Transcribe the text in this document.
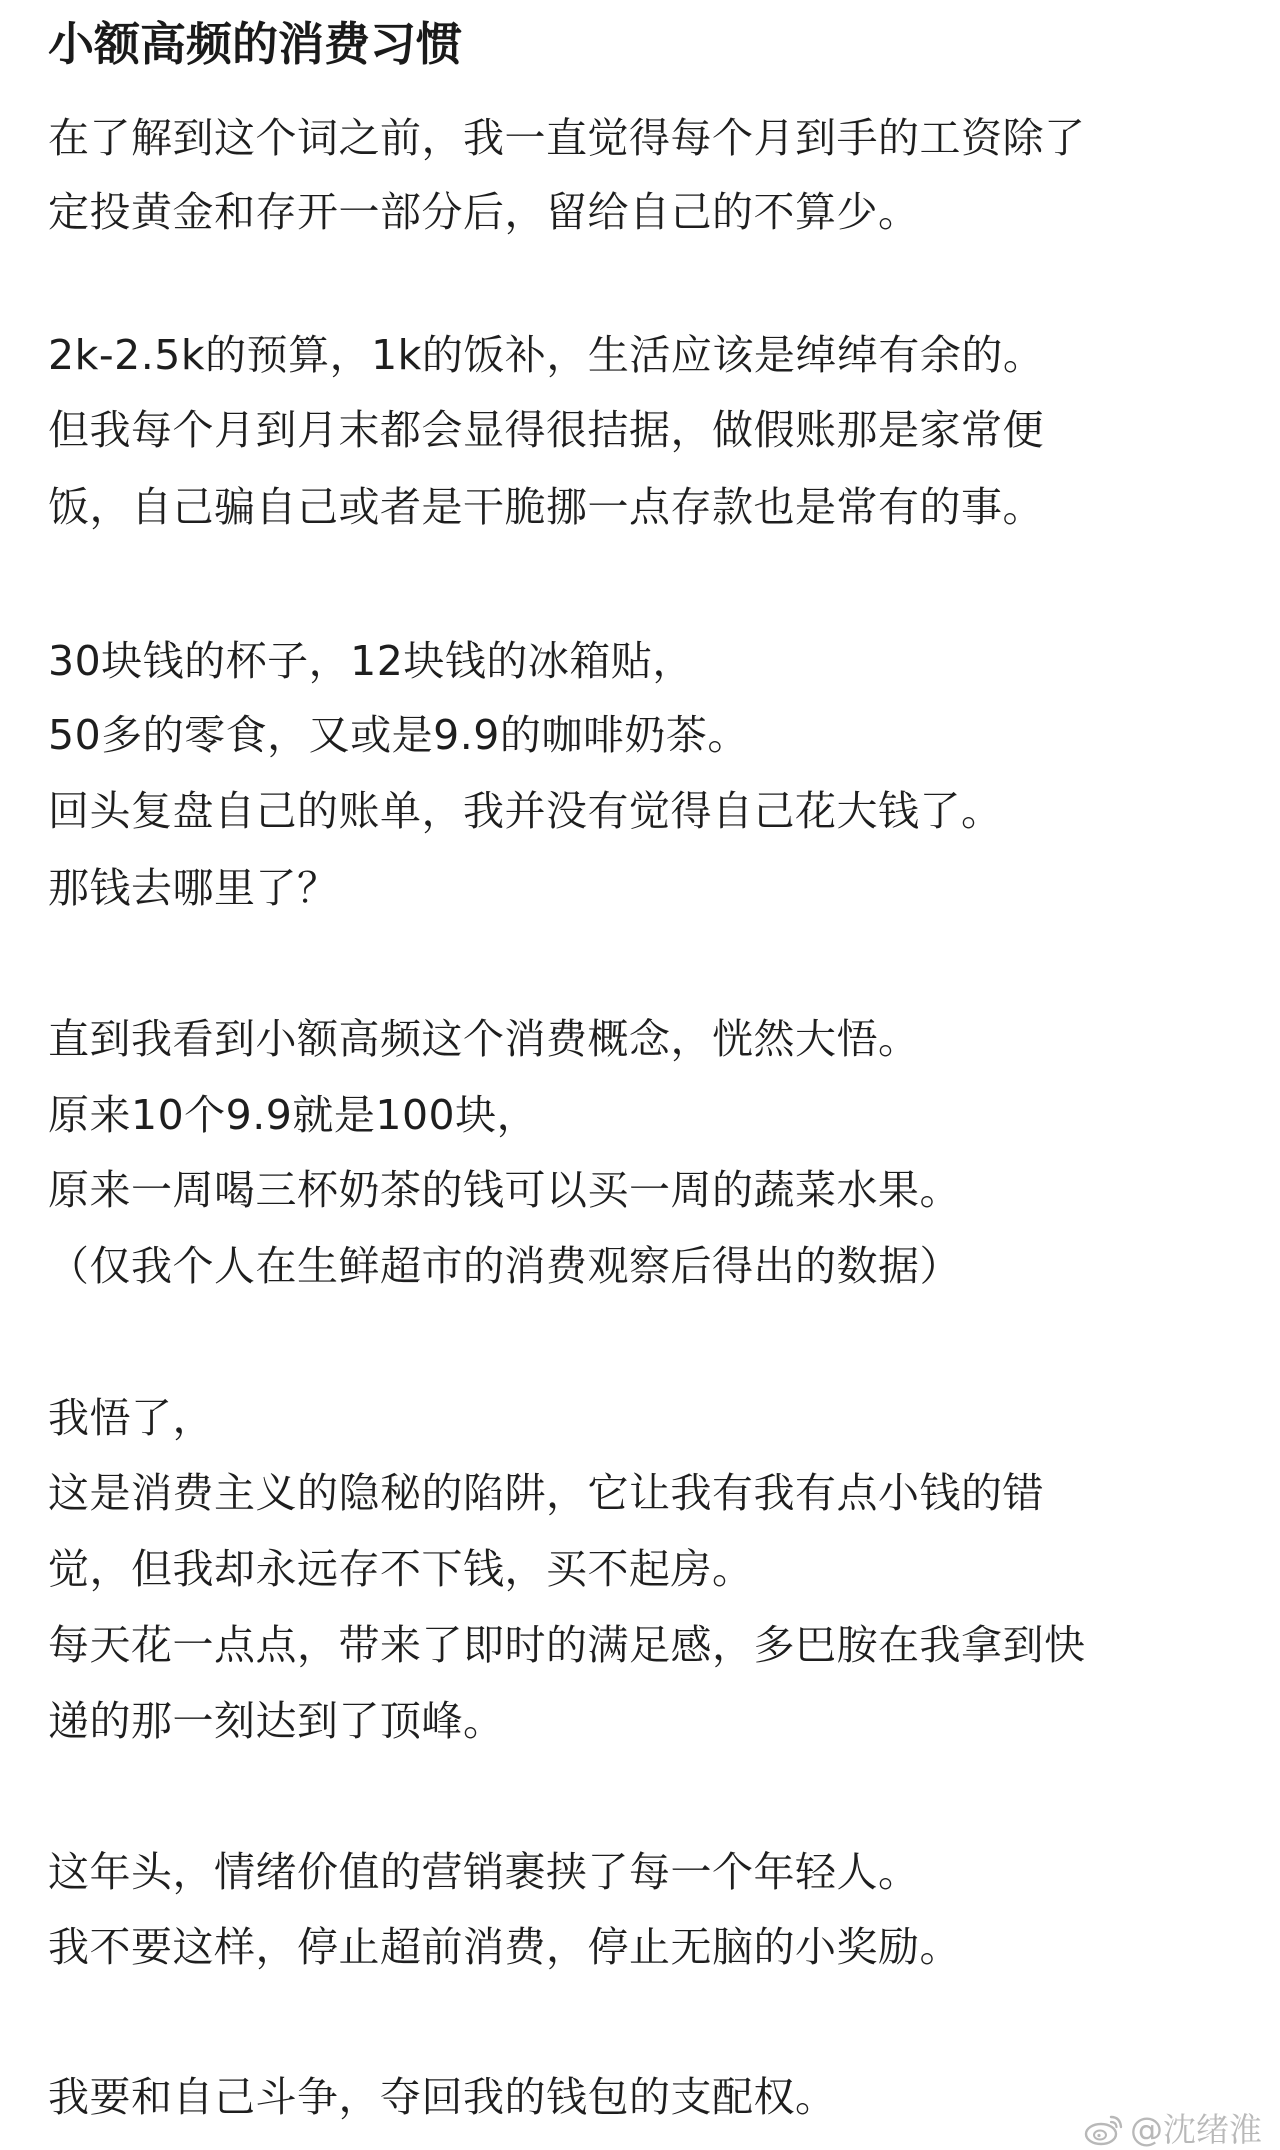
小额高频的消费习惯

在了解到这个词之前，我一直觉得每个月到手的工资除了

定投黄金和存开一部分后，留给自己的不算少。

2k-2.5k的预算，1k的饭补，生活应该是绰绰有余的。

但我每个月到月末都会显得很拮据，做假账那是家常便

饭，自己骗自己或者是干脆挪一点存款也是常有的事。

30块钱的杯子，12块钱的冰箱贴，

50多的零食，又或是9.9的咖啡奶茶。

回头复盘自己的账单，我并没有觉得自己花大钱了。

那钱去哪里了？

直到我看到小额高频这个消费概念，恍然大悟。

原来10个9.9就是100块，

原来一周喝三杯奶茶的钱可以买一周的蔬菜水果。

（仅我个人在生鲜超市的消费观察后得出的数据）

我悟了，

这是消费主义的隐秘的陷阱，它让我有我有点小钱的错

觉，但我却永远存不下钱，买不起房。

每天花一点点，带来了即时的满足感，多巴胺在我拿到快

递的那一刻达到了顶峰。

这年头，情绪价值的营销裹挟了每一个年轻人。

我不要这样，停止超前消费，停止无脑的小奖励。

我要和自己斗争，夺回我的钱包的支配权。

@沈绪淮
